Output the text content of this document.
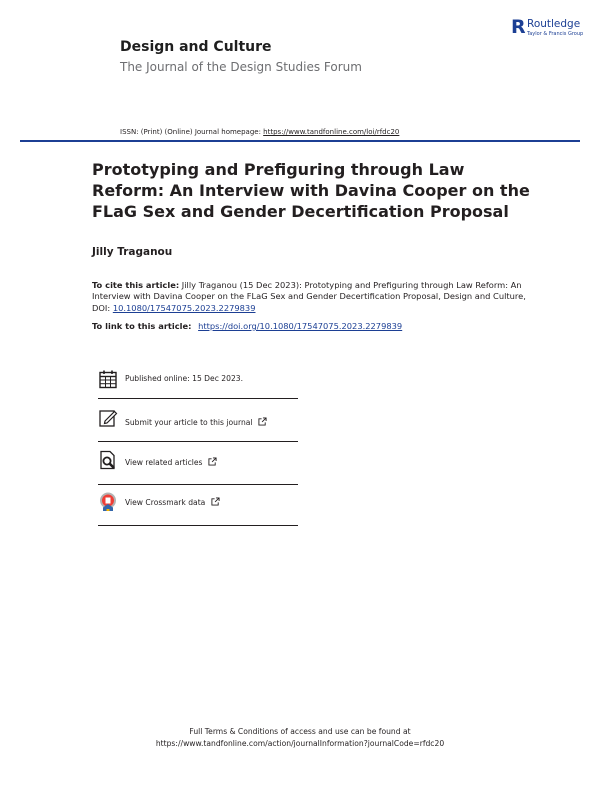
Design and Culture
The Journal of the Design Studies Forum
R Routledge
Taylor & Francis Group
ISSN: (Print) (Online) Journal homepage: https://www.tandfonline.com/loi/rfdc20
Prototyping and Prefiguring through Law Reform: An Interview with Davina Cooper on the FLaG Sex and Gender Decertification Proposal
Jilly Traganou
To cite this article: Jilly Traganou (15 Dec 2023): Prototyping and Prefiguring through Law Reform: An Interview with Davina Cooper on the FLaG Sex and Gender Decertification Proposal, Design and Culture, DOI: 10.1080/17547075.2023.2279839
To link to this article: https://doi.org/10.1080/17547075.2023.2279839
Published online: 15 Dec 2023.
Submit your article to this journal
View related articles
View Crossmark data
Full Terms & Conditions of access and use can be found at
https://www.tandfonline.com/action/journalInformation?journalCode=rfdc20
